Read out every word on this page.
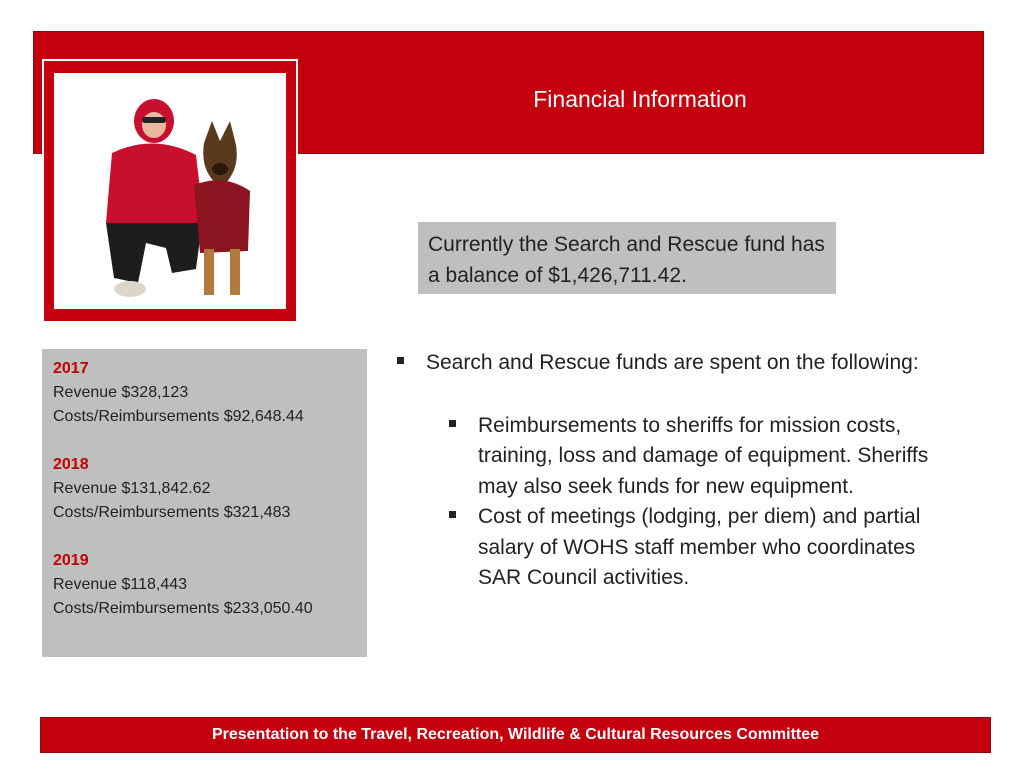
Financial Information
Currently the Search and Rescue fund has a balance of $1,426,711.42.
2017
Revenue $328,123
Costs/Reimbursements $92,648.44
2018
Revenue $131,842.62
Costs/Reimbursements $321,483
2019
Revenue $118,443
Costs/Reimbursements $233,050.40
Search and Rescue funds are spent on the following:
Reimbursements to sheriffs for mission costs, training, loss and damage of equipment. Sheriffs may also seek funds for new equipment.
Cost of meetings (lodging, per diem) and partial salary of WOHS staff member who coordinates SAR Council activities.
Presentation to the Travel, Recreation, Wildlife & Cultural Resources Committee
